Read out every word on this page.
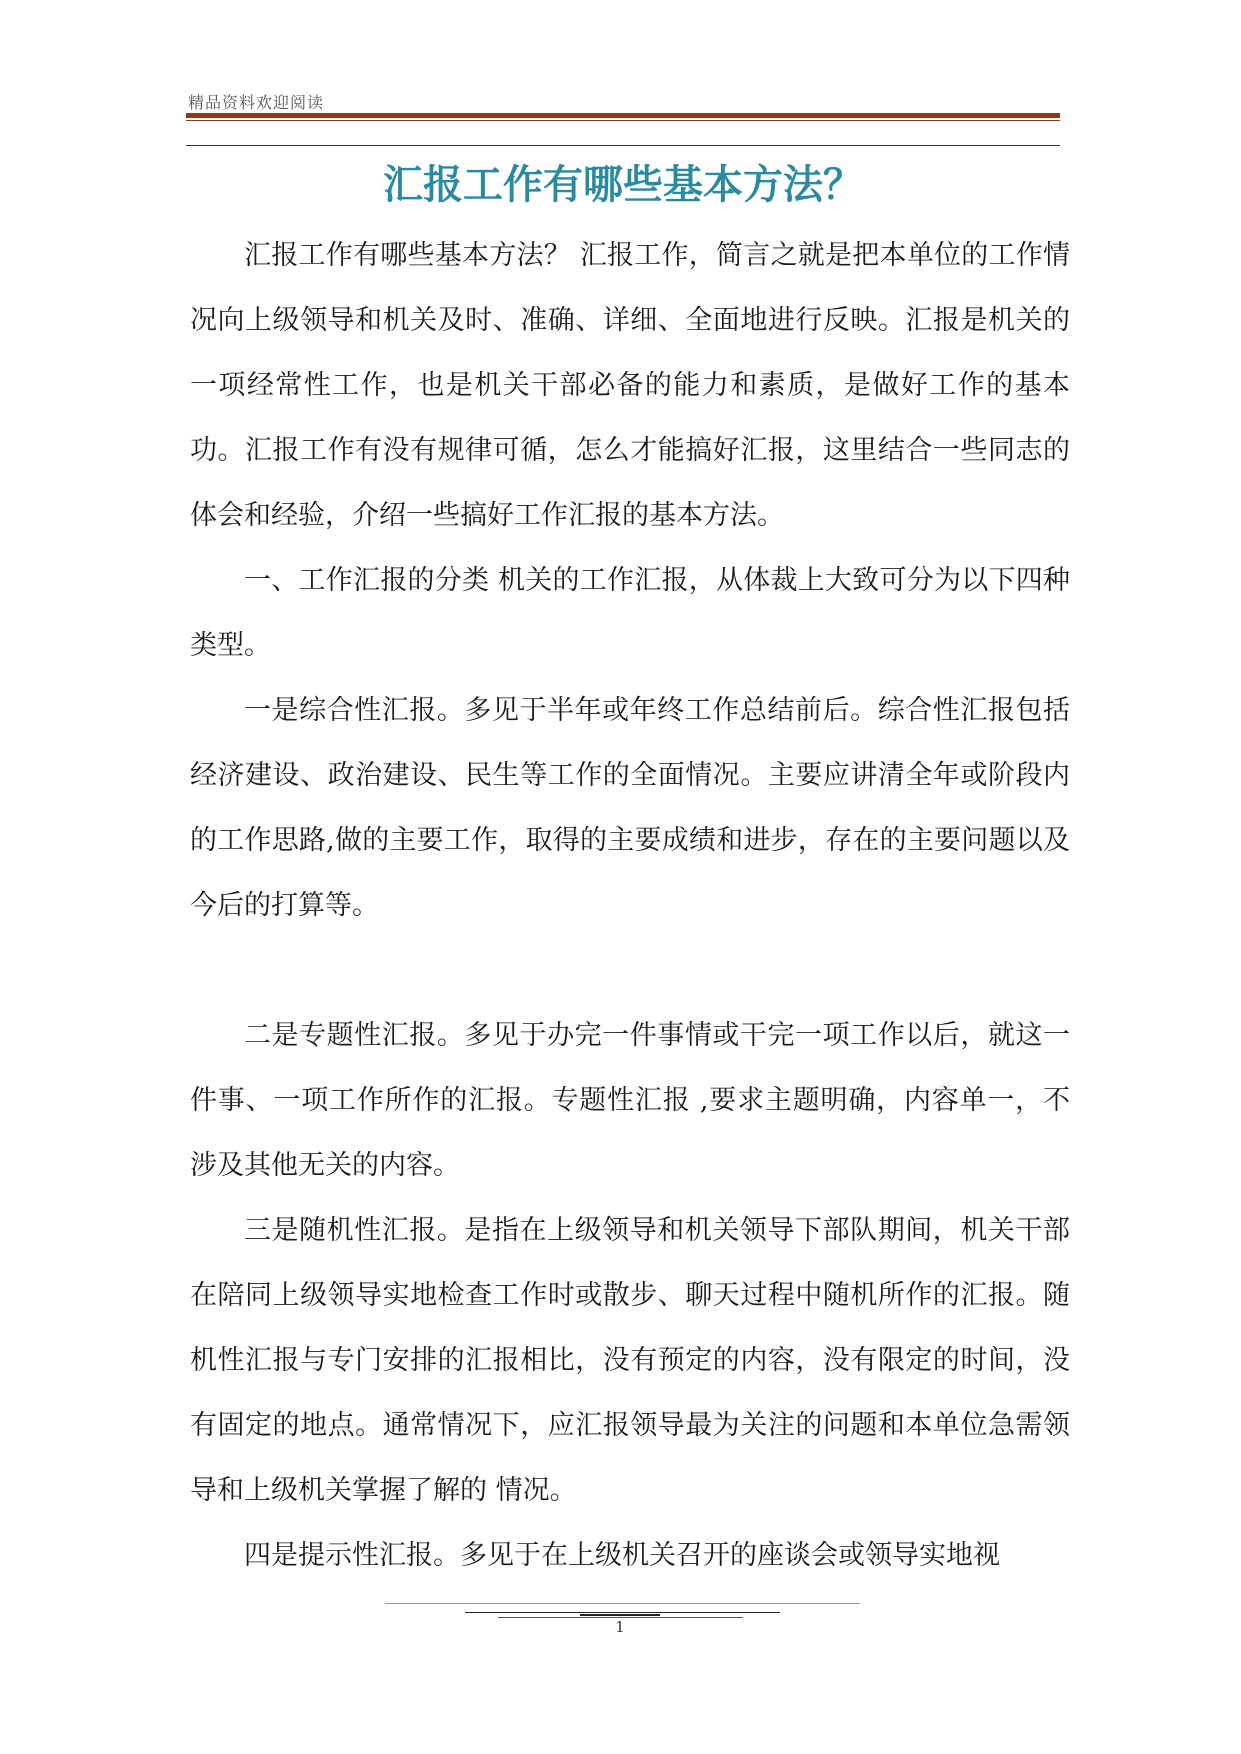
精品资料欢迎阅读
汇报工作有哪些基本方法？

汇报工作有哪些基本方法？ 汇报工作，简言之就是把本单位的工作情况向上级领导和机关及时、准确、详细、全面地进行反映。汇报是机关的一项经常性工作，也是机关干部必备的能力和素质，是做好工作的基本功。汇报工作有没有规律可循，怎么才能搞好汇报，这里结合一些同志的体会和经验，介绍一些搞好工作汇报的基本方法。

一、工作汇报的分类 机关的工作汇报，从体裁上大致可分为以下四种类型。

一是综合性汇报。多见于半年或年终工作总结前后。综合性汇报包括经济建设、政治建设、民生等工作的全面情况。主要应讲清全年或阶段内的工作思路,做的主要工作，取得的主要成绩和进步，存在的主要问题以及今后的打算等。

二是专题性汇报。多见于办完一件事情或干完一项工作以后，就这一件事、一项工作所作的汇报。专题性汇报 ,要求主题明确，内容单一，不涉及其他无关的内容。

三是随机性汇报。是指在上级领导和机关领导下部队期间，机关干部在陪同上级领导实地检查工作时或散步、聊天过程中随机所作的汇报。随机性汇报与专门安排的汇报相比，没有预定的内容，没有限定的时间，没有固定的地点。通常情况下，应汇报领导最为关注的问题和本单位急需领导和上级机关掌握了解的 情况。

四是提示性汇报。多见于在上级机关召开的座谈会或领导实地视

1
